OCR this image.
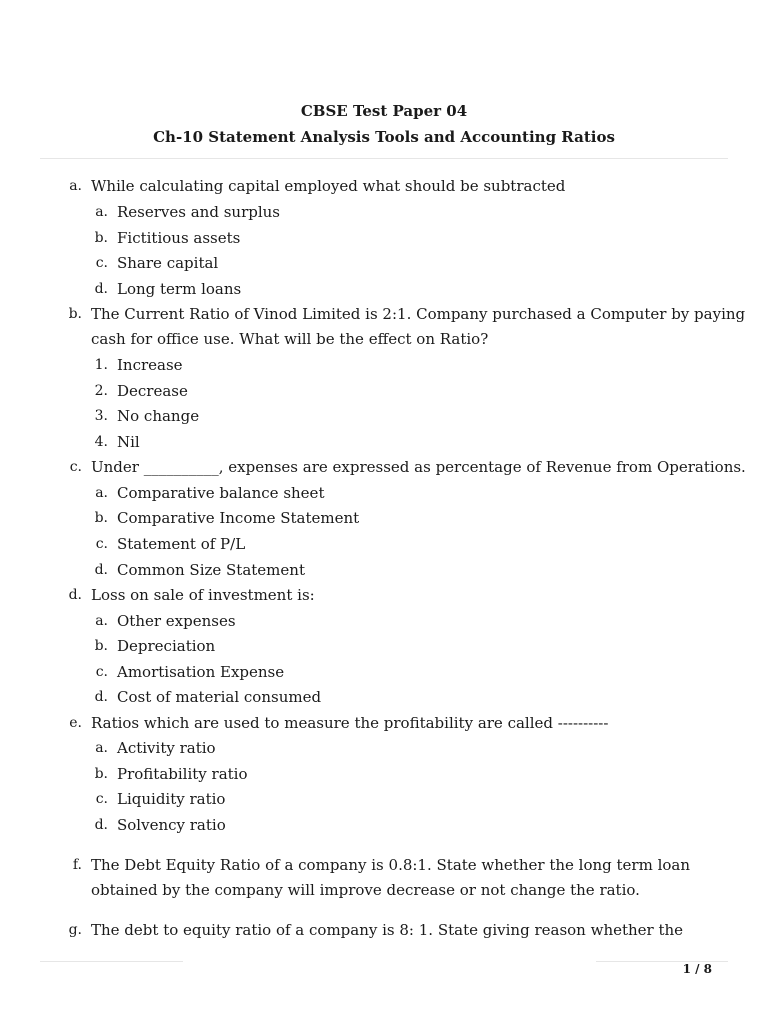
CBSE Test Paper 04
Ch-10 Statement Analysis Tools and Accounting Ratios
a. While calculating capital employed what should be subtracted
a. Reserves and surplus
b. Fictitious assets
c. Share capital
d. Long term loans
b. The Current Ratio of Vinod Limited is 2:1. Company purchased a Computer by paying
cash for office use. What will be the effect on Ratio?
1. Increase
2. Decrease
3. No change
4. Nil
c. Under __________, expenses are expressed as percentage of Revenue from Operations.
a. Comparative balance sheet
b. Comparative Income Statement
c. Statement of P/L
d. Common Size Statement
d. Loss on sale of investment is:
a. Other expenses
b. Depreciation
c. Amortisation Expense
d. Cost of material consumed
e. Ratios which are used to measure the profitability are called ----------
a. Activity ratio
b. Profitability ratio
c. Liquidity ratio
d. Solvency ratio
f. The Debt Equity Ratio of a company is 0.8:1. State whether the long term loan
obtained by the company will improve decrease or not change the ratio.
g. The debt to equity ratio of a company is 8: 1. State giving reason whether the
1 / 8
